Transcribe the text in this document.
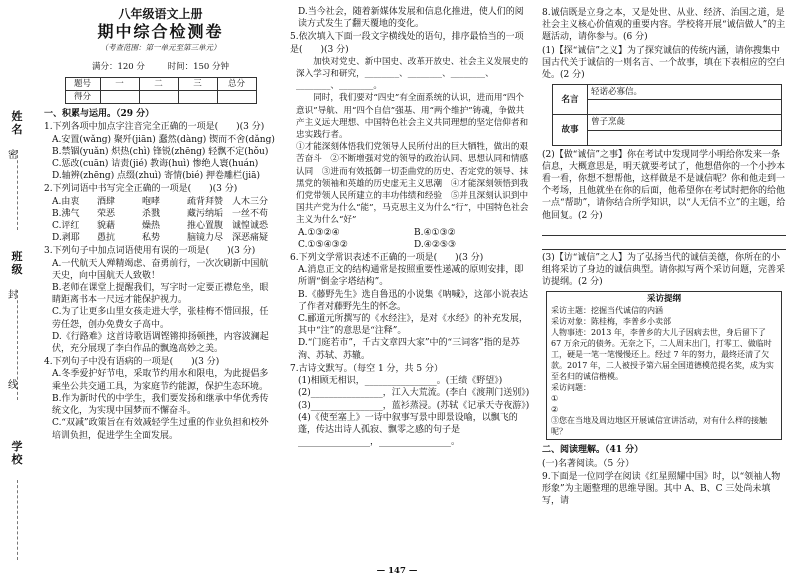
姓名
密
班级
封
线
学校
八年级语文上册
期中综合检测卷
（考查范围：第一单元至第三单元）
满分：120 分	时间：150 分钟
题号	一	二	三	总分
得分				
一、积累与运用。（29 分）

1.下列各项中加点字注音完全正确的一项是(　　)(3 分)

A.安置(wǎng) 聚歼(jiān) 蠢然(dàng) 锲而不舍(dǎng)

B.禁锢(yuǎn) 炽热(chì) 锋锐(zhēng) 轻飘不定(hǒu)

C.惩改(cuān) 诘责(jié) 教诲(huì) 惨绝人寰(huán)

D.轴辨(zhēng) 点缀(zhuì) 寄情(bié) 押卷雕栏(jiā)

2.下列词语中书写完全正确的一项是(　　)(3 分)

A.由衷	酒肆	咆哮	疏背拜赞 人木三分
B.沸气	荣恶	杀戮	藏污纳垢 一丝不苟
C.评红	貌藉	燥热	推心置腹 诚惶诚恐
D.剥耶	愚抗	私势	脑镜力尽 深恶痛疑

3.下列句子中加点词语使用有误的一项是(　　)(3 分)

A.一代航天人殚精竭虑、奋勇前行，一次次刷新中国航天史，向中国航天人致敬！

B.老师在课堂上提醒我们，写字时一定要正襟危坐，眼睛距离书本一尺远才能保护视力。

C.为了让更多山里女孩走进大学，张桂梅不惜回报，任劳任怨，创办免费女子高中。

D.《行路难》这首诗歌语调铿锵抑扬顿挫，内容波澜起伏，充分展现了李白作品的飘逸高妙之美。

4.下列句子中没有语病的一项是(　　)(3 分)

A.冬季爱护好节电，采取节约用水和限电，为此提倡多乘坐公共交通工具，为家庭节约能源，保护生态环境。

B.作为新时代的中学生，我们要发扬和继承中华优秀传统文化，为实现中国梦而不懈奋斗。

C.“双减”政策旨在有效减轻学生过重的作业负担和校外培训负担，促进学生全面发展。

D.当今社会，随着新媒体发展和信息化推进，使人们的阅读方式发生了翻天覆地的变化。

5.依次填入下面一段文字横线处的语句，排序最恰当的一项是(　　)(3 分)

加快对党史、新中国史、改革开放史、社会主义发展史的深入学习和研究，________、________、________、________、________。

同时，我们要对“四史”有全面系统的认识，进而用“四个意识”导航、用“四个自信”强基、用“两个维护”铸魂，争做共产主义远大理想、中国特色社会主义共同理想的坚定信仰者和忠实践行者。

①才能深刻体悟我们党领导人民所付出的巨大牺牲，做出的艰苦奋斗　②不断增强对党的领导的政治认同、思想认同和情感认同　③进而有效抵御一切歪曲党的历史、否定党的领导、抹黑党的领袖和英雄的历史虚无主义思潮　④才能深刻领悟到我们党带领人民所建立的丰功伟绩和经验　⑤并且深刻认识到中国共产党为什么“能”，马克思主义为什么“行”，中国特色社会主义为什么“好”

A.①③②④	B.④①③②
C.①⑤④③②	D.④②⑤③

6.下列文学常识表述不正确的一项是(　　)(3 分)

A.消息正文的结构通常是按照重要性递减的原则安排，即所谓“倒金字塔结构”。

B.《藤野先生》选自鲁迅的小说集《呐喊》，这部小说表达了作者对藤野先生的怀念。

C.郦道元所撰写的《水经注》，是对《水经》的补充发展，其中“注”的意思是“注释”。

D.“门庭若市”，千古文章四大家”中的“三词客”指的是苏洵、苏轼、苏辙。

7.古诗文默写。（每空 1 分，共 5 分）

(1)相顾无相识，________________。(王绩《野望》)

(2)________________，江入大荒流。(李白《渡荆门送别》)

(3)________________，蓝衫蒸浸。(苏轼《记承天寺夜游》)

(4)《使至塞上》一诗中叙事写景中即景设喻，以飘飞的蓬，传达出诗人孤寂、飘零之感的句子是________________，________________。

8.诚信既是立身之本，又是处世、从业、经济、治国之道，是社会主义核心价值观的重要内容。学校将开展“诚信做人”的主题活动，请你参与。(6 分)

(1)【探“诚信”之义】为了探究诚信的传统内涵，请你搜集中国古代关于诚信的一则名言、一个故事，填在下表相应的空白处。(2 分)

名言	轻诺必寡信。

故事	曾子烹彘

(2)【做“诚信”之事】你在考试中发现同学小明给你发来一条信息，大概意思是，明天就要考试了，他想借你的一个小抄本看一看，你想不想帮他，这样做是不是诚信呢？你和他走到一个考场，且他就坐在你的后面，他希望你在考试时把你的给他一点“帮助”，请你结合所学知识，以“人无信不立”的主题，给他回复。(2 分)

(3)【访“诚信”之人】为了弘扬当代的诚信美德，你所在的小组将采访了身边的诚信典型。请你拟写两个采访问题，完善采访提纲。(2 分)

采访提纲

采访主题：挖掘当代诚信的内涵

采访对象：陈桂梅，李普乡小卖部

人物事迹：2013 年，李普乡的大儿子因病去世，身后留下了 67 万余元的债务。无奈之下，二人周末出门，打零工、做临时工，硬是一笔一笔慢慢还上。经过 7 年的努力，最终还清了欠款。2017 年，二人被授予第六届全国道德模范提名奖，成为实至名归的诚信楷模。

采访问题：

①

②

③您在当地及周边地区开展诚信宣讲活动，对有什么样的接触呢？

二、阅读理解。（41 分）

(一)名著阅读。（5 分）

9.下面是一位同学在阅读《红星照耀中国》时，以“领袖人物形象”为主题整理的思维导图。其中 A、B、C 三处尚未填写，请

— 147 —
